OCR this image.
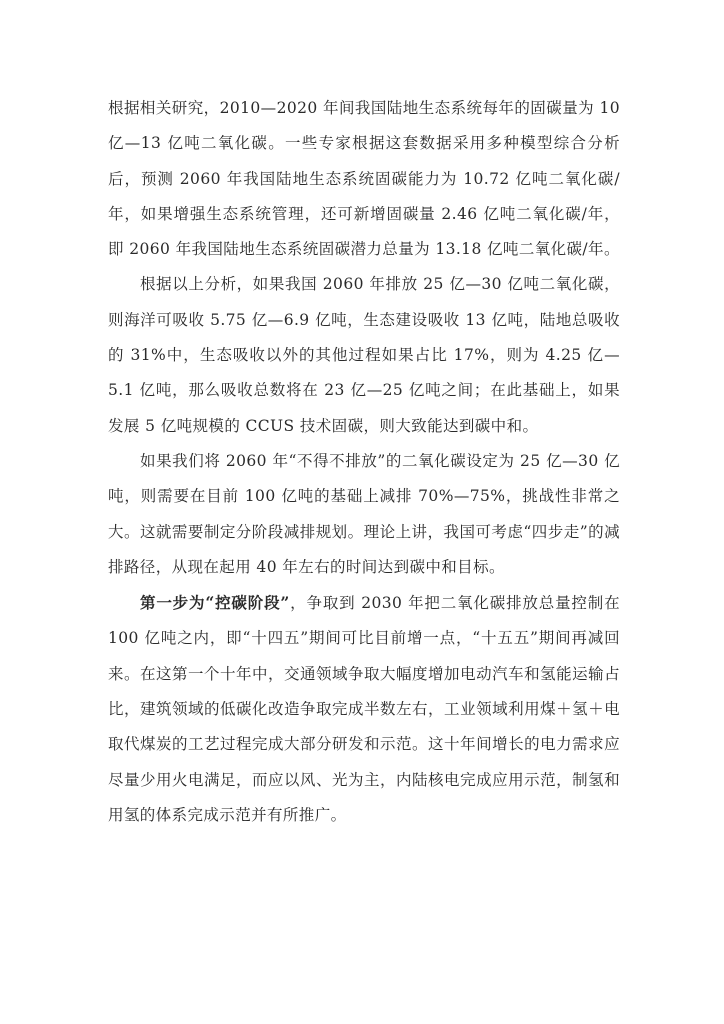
根据相关研究，2010—2020 年间我国陆地生态系统每年的固碳量为 10 亿—13 亿吨二氧化碳。一些专家根据这套数据采用多种模型综合分析后，预测 2060 年我国陆地生态系统固碳能力为 10.72 亿吨二氧化碳/年，如果增强生态系统管理，还可新增固碳量 2.46 亿吨二氧化碳/年，即 2060 年我国陆地生态系统固碳潜力总量为 13.18 亿吨二氧化碳/年。

根据以上分析，如果我国 2060 年排放 25 亿—30 亿吨二氧化碳，则海洋可吸收 5.75 亿—6.9 亿吨，生态建设吸收 13 亿吨，陆地总吸收的 31%中，生态吸收以外的其他过程如果占比 17%，则为 4.25 亿—5.1 亿吨，那么吸收总数将在 23 亿—25 亿吨之间；在此基础上，如果发展 5 亿吨规模的 CCUS 技术固碳，则大致能达到碳中和。

如果我们将 2060 年“不得不排放”的二氧化碳设定为 25 亿—30 亿吨，则需要在目前 100 亿吨的基础上减排 70%—75%，挑战性非常之大。这就需要制定分阶段减排规划。理论上讲，我国可考虑“四步走”的减排路径，从现在起用 40 年左右的时间达到碳中和目标。

第一步为“控碳阶段”，争取到 2030 年把二氧化碳排放总量控制在 100 亿吨之内，即“十四五”期间可比目前增一点，“十五五”期间再减回来。在这第一个十年中，交通领域争取大幅度增加电动汽车和氢能运输占比，建筑领域的低碳化改造争取完成半数左右，工业领域利用煤＋氢＋电取代煤炭的工艺过程完成大部分研发和示范。这十年间增长的电力需求应尽量少用火电满足，而应以风、光为主，内陆核电完成应用示范，制氢和用氢的体系完成示范并有所推广。
